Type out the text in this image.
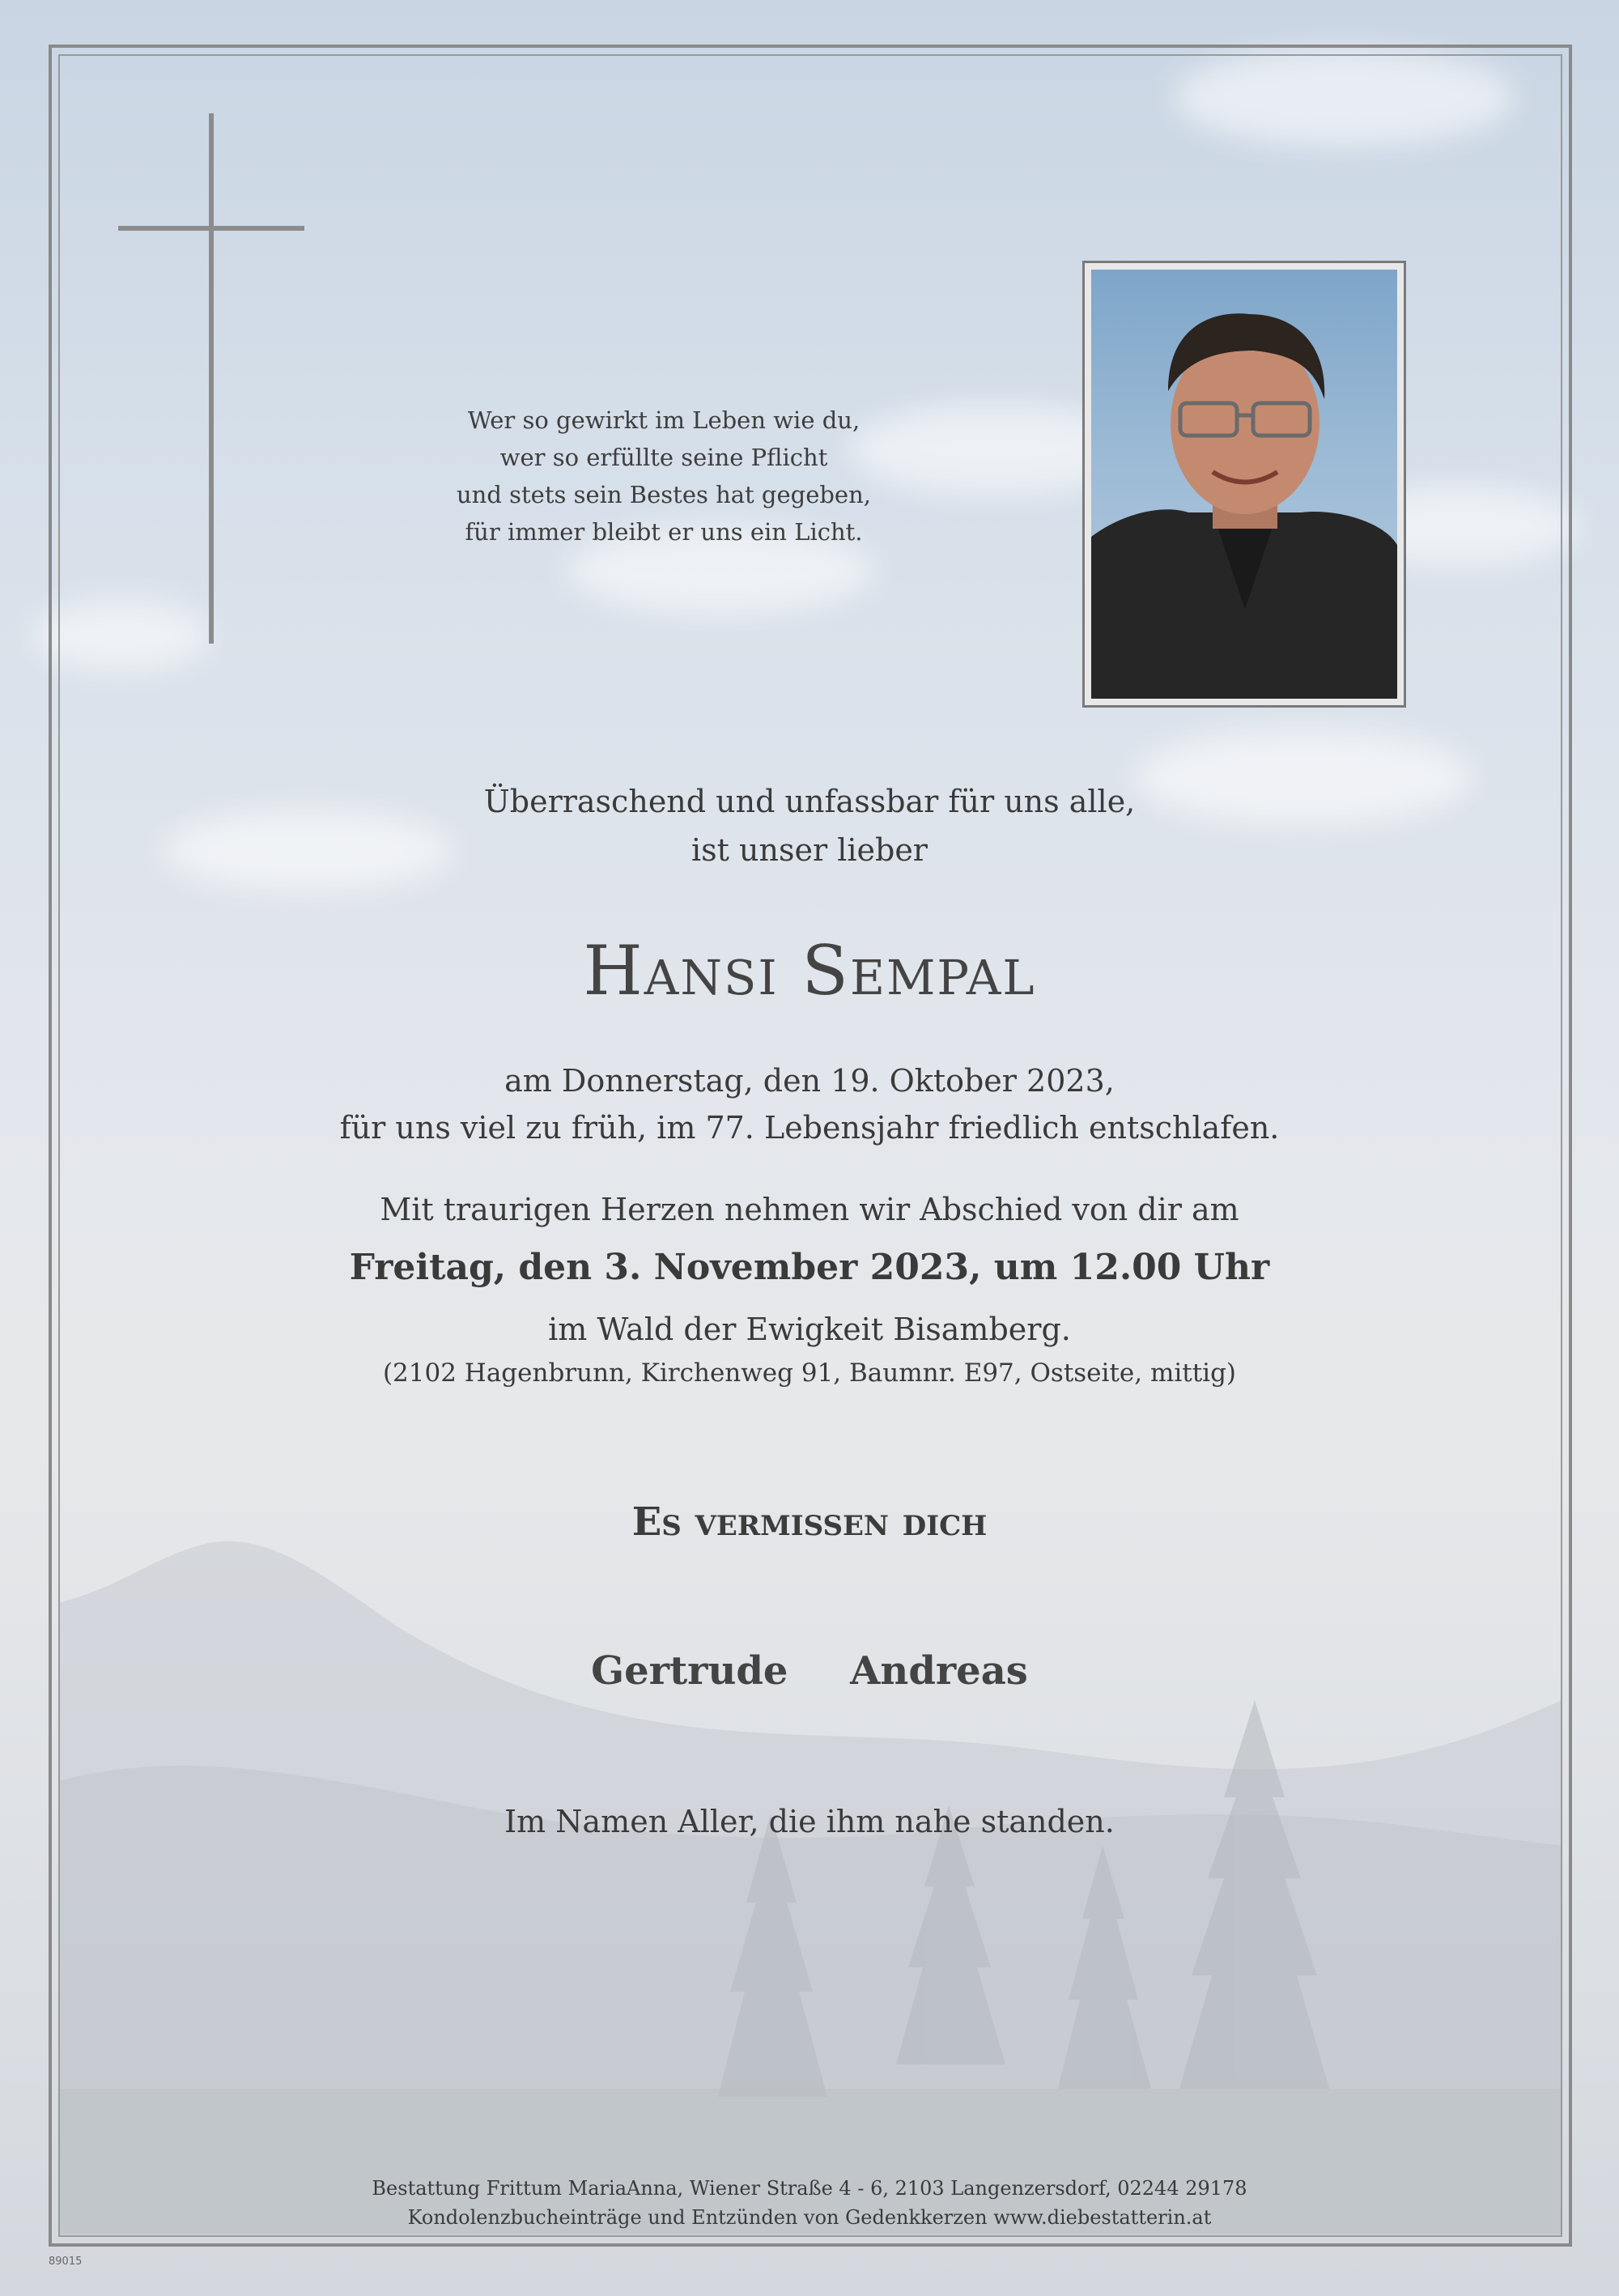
Wer so gewirkt im Leben wie du,
wer so erfüllte seine Pflicht
und stets sein Bestes hat gegeben,
für immer bleibt er uns ein Licht.
Überraschend und unfassbar für uns alle,
ist unser lieber
Hansi Sempal
am Donnerstag, den 19. Oktober 2023,
für uns viel zu früh, im 77. Lebensjahr friedlich entschlafen.
Mit traurigen Herzen nehmen wir Abschied von dir am
Freitag, den 3. November 2023, um 12.00 Uhr
im Wald der Ewigkeit Bisamberg.
(2102 Hagenbrunn, Kirchenweg 91, Baumnr. E97, Ostseite, mittig)
Es vermissen dich
Gertrude Andreas
Im Namen Aller, die ihm nahe standen.
Bestattung Frittum MariaAnna, Wiener Straße 4 - 6, 2103 Langenzersdorf, 02244 29178
Kondolenzbucheinträge und Entzünden von Gedenkkerzen www.diebestatterin.at
89015
